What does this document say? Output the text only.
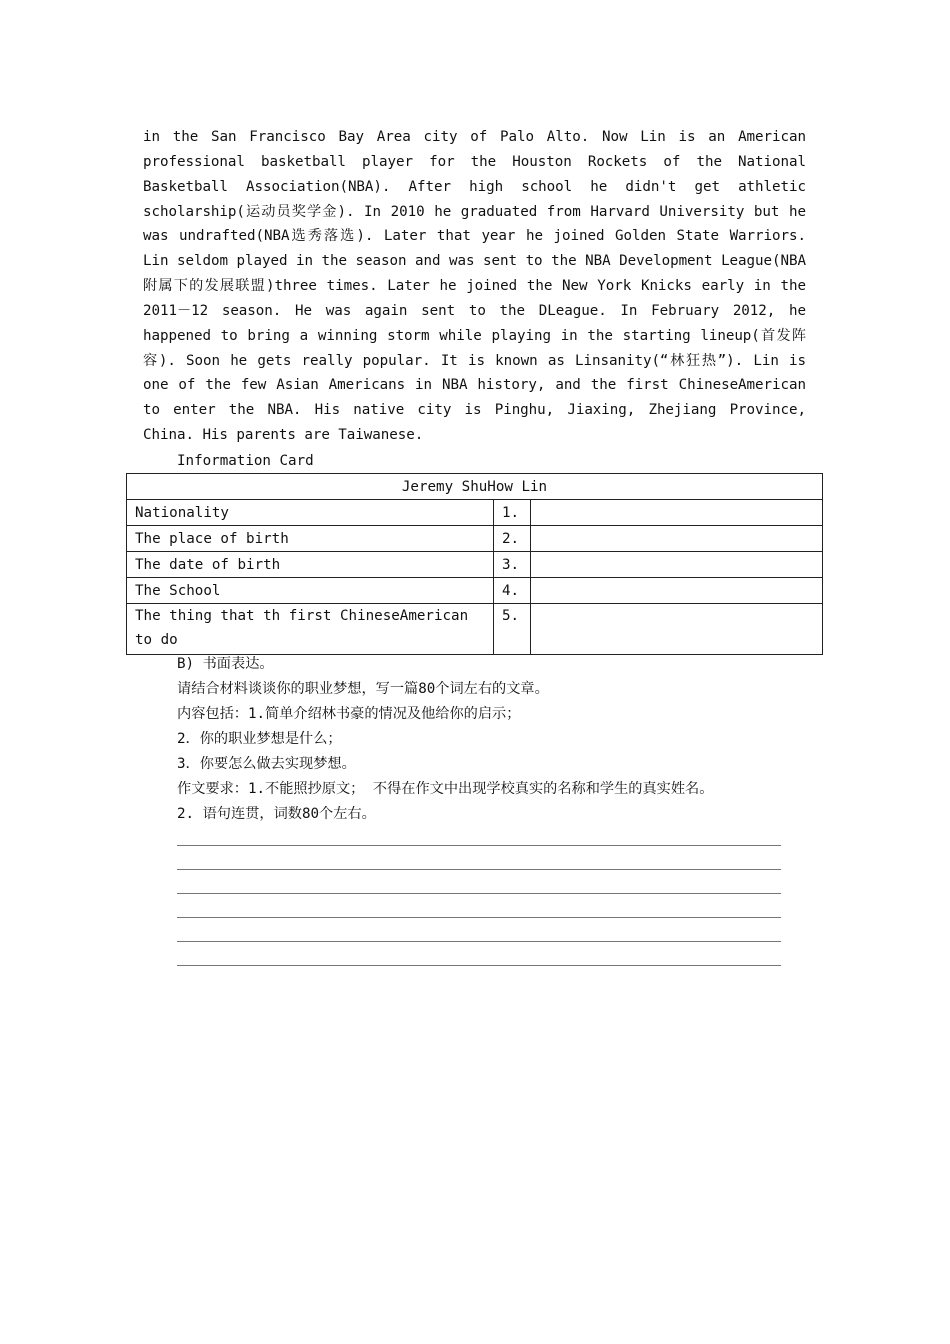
in the San Francisco Bay Area city of Palo Alto. Now Lin is an American professional basketball player for the Houston Rockets of the National Basketball Association(NBA). After high school he didn't get athletic scholarship(运动员奖学金). In 2010 he graduated from Harvard University but he was undrafted(NBA选秀落选). Later that year he joined Golden State Warriors. Lin seldom played in the season and was sent to the NBA Development League(NBA附属下的发展联盟)three times. Later he joined the New York Knicks early in the 2011－12 season. He was again sent to the DLeague. In February 2012, he happened to bring a winning storm while playing in the starting lineup(首发阵容). Soon he gets really popular. It is known as Linsanity(“林狂热”). Lin is one of the few Asian Americans in NBA history, and the first ChineseAmerican to enter the NBA. His native city is Pinghu, Jiaxing, Zhejiang Province, China. His parents are Taiwanese.

Information Card

Jeremy ShuHow Lin		
Nationality	1.	
The place of birth	2.	
The date of birth	3.	
The School	4.	
The thing that th first ChineseAmerican to do	5.	

B) 书面表达。

请结合材料谈谈你的职业梦想，写一篇80个词左右的文章。

内容包括：1.简单介绍林书豪的情况及他给你的启示；

2．你的职业梦想是什么；

3．你要怎么做去实现梦想。

作文要求：1.不能照抄原文； 不得在作文中出现学校真实的名称和学生的真实姓名。

2. 语句连贯，词数80个左右。
